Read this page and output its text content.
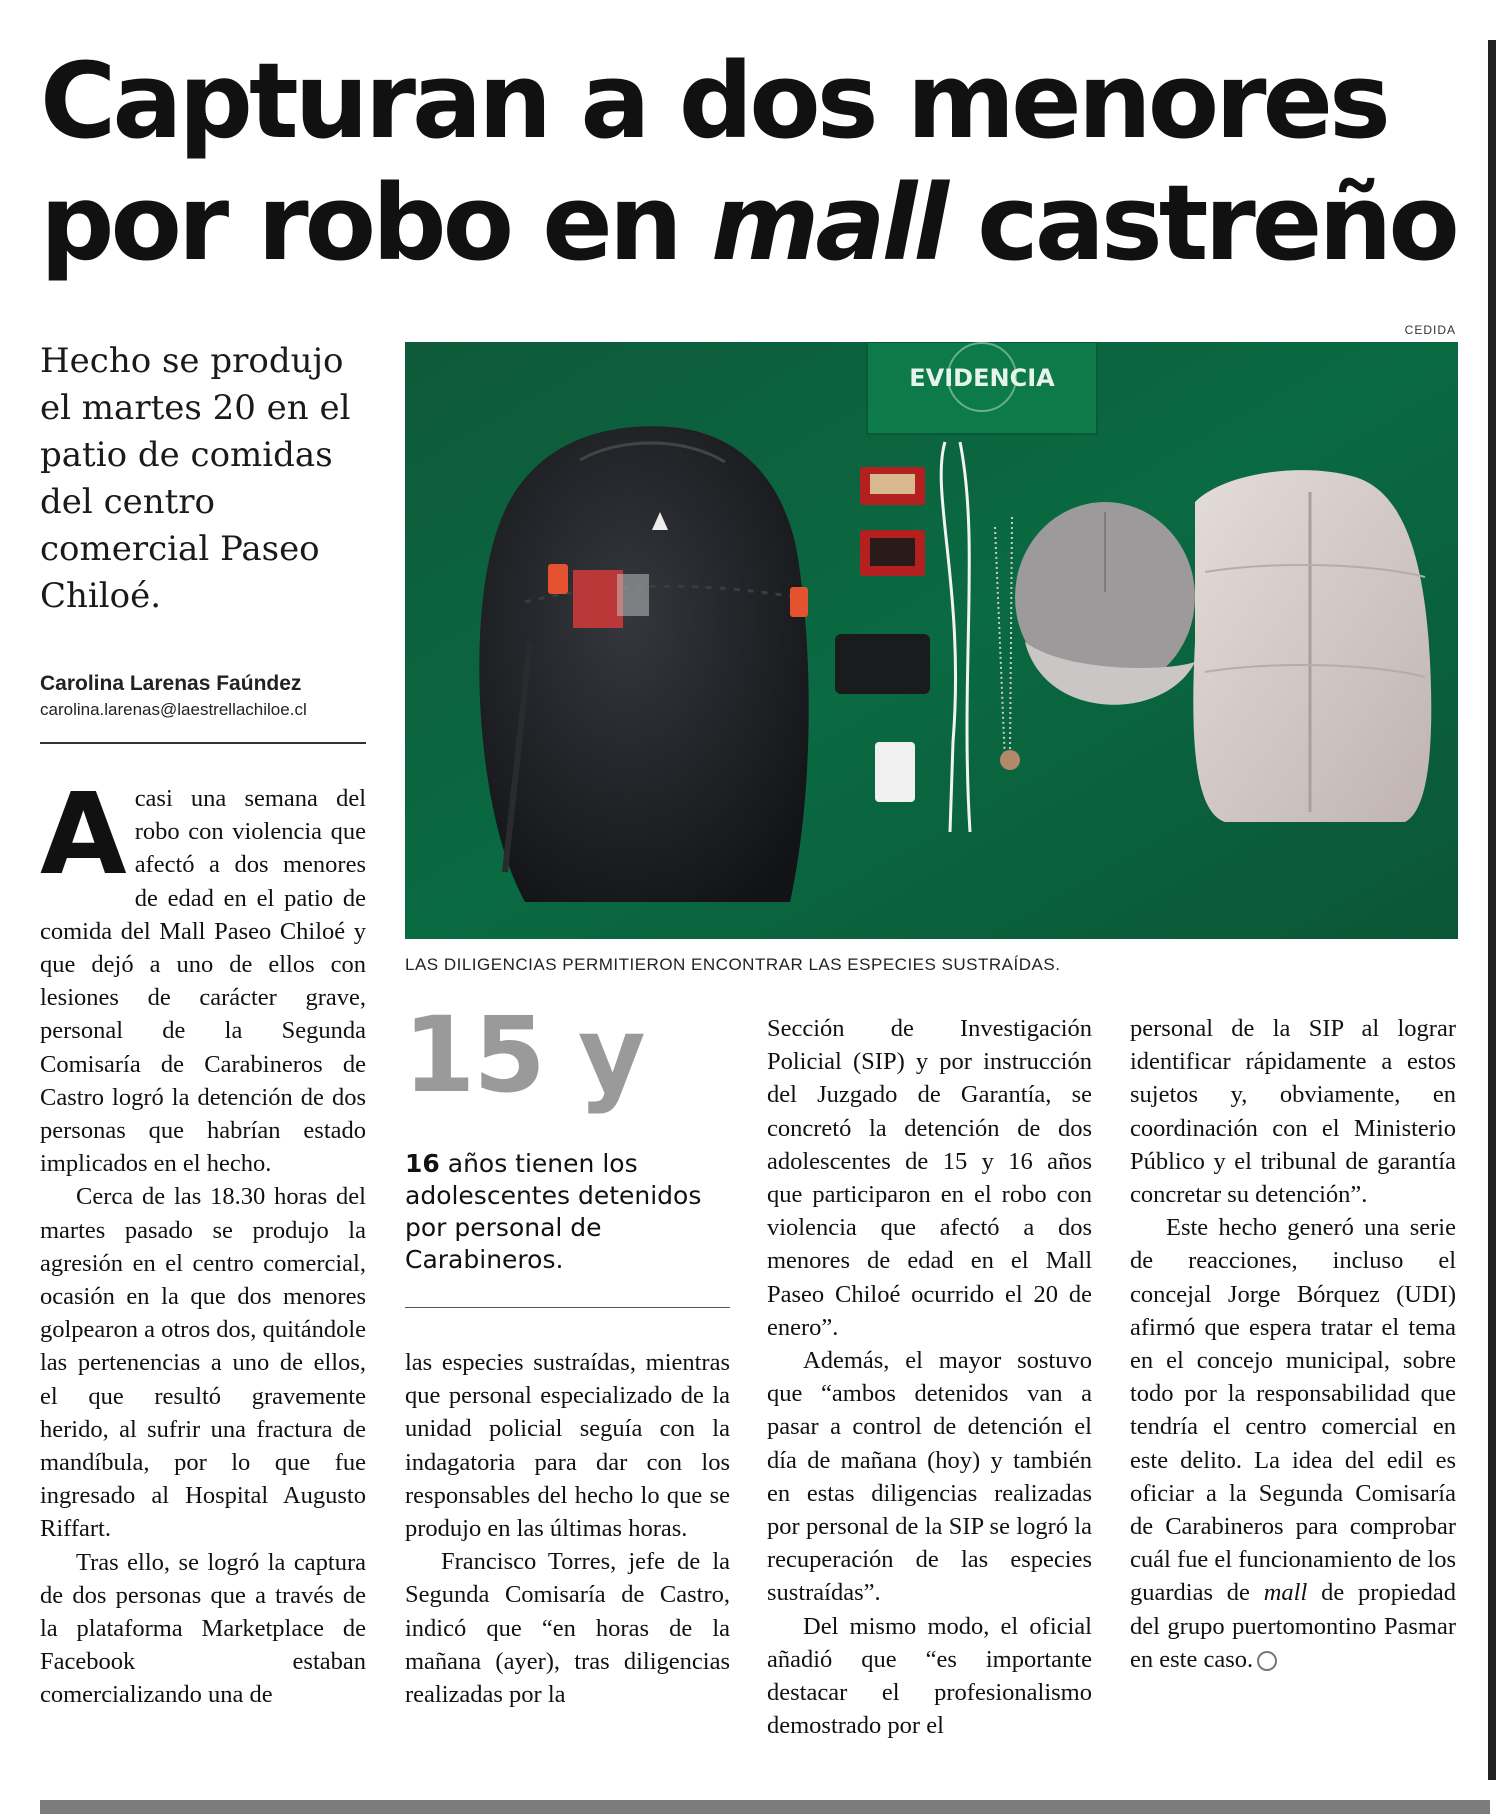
Capturan a dos menores
por robo en mall castreño
Hecho se produjo el martes 20 en el patio de comidas del centro comercial Paseo Chiloé.
Carolina Larenas Faúndez
carolina.larenas@laestrellachiloe.cl
CEDIDA
EVIDENCIA
LAS DILIGENCIAS PERMITIERON ENCONTRAR LAS ESPECIES SUSTRAÍDAS.
15 y
16 años tienen los adolescentes detenidos por personal de Carabineros.

Acasi una semana del robo con violencia que afectó a dos menores de edad en el patio de comida del Mall Paseo Chiloé y que dejó a uno de ellos con lesiones de carácter grave, personal de la Segunda Comisaría de Carabineros de Castro logró la detención de dos personas que habrían estado implicados en el hecho.

Cerca de las 18.30 horas del martes pasado se produjo la agresión en el centro comercial, ocasión en la que dos menores golpearon a otros dos, quitándole las pertenencias a uno de ellos, el que resultó gravemente herido, al sufrir una fractura de mandíbula, por lo que fue ingresado al Hospital Augusto Riffart.

Tras ello, se logró la captura de dos personas que a través de la plataforma Marketplace de Facebook estaban comercializando una de

las especies sustraídas, mientras que personal especializado de la unidad policial seguía con la indagatoria para dar con los responsables del hecho lo que se produjo en las últimas horas.

Francisco Torres, jefe de la Segunda Comisaría de Castro, indicó que “en horas de la mañana (ayer), tras diligencias realizadas por la

Sección de Investigación Policial (SIP) y por instrucción del Juzgado de Garantía, se concretó la detención de dos adolescentes de 15 y 16 años que participaron en el robo con violencia que afectó a dos menores de edad en el Mall Paseo Chiloé ocurrido el 20 de enero”.

Además, el mayor sostuvo que “ambos detenidos van a pasar a control de detención el día de mañana (hoy) y también en estas diligencias realizadas por personal de la SIP se logró la recuperación de las especies sustraídas”.

Del mismo modo, el oficial añadió que “es importante destacar el profesionalismo demostrado por el

personal de la SIP al lograr identificar rápidamente a estos sujetos y, obviamente, en coordinación con el Ministerio Público y el tribunal de garantía concretar su detención”.

Este hecho generó una serie de reacciones, incluso el concejal Jorge Bórquez (UDI) afirmó que espera tratar el tema en el concejo municipal, sobre todo por la responsabilidad que tendría el centro comercial en este delito. La idea del edil es oficiar a la Segunda Comisaría de Carabineros para comprobar cuál fue el funcionamiento de los guardias de mall de propiedad del grupo puertomontino Pasmar en este caso.
